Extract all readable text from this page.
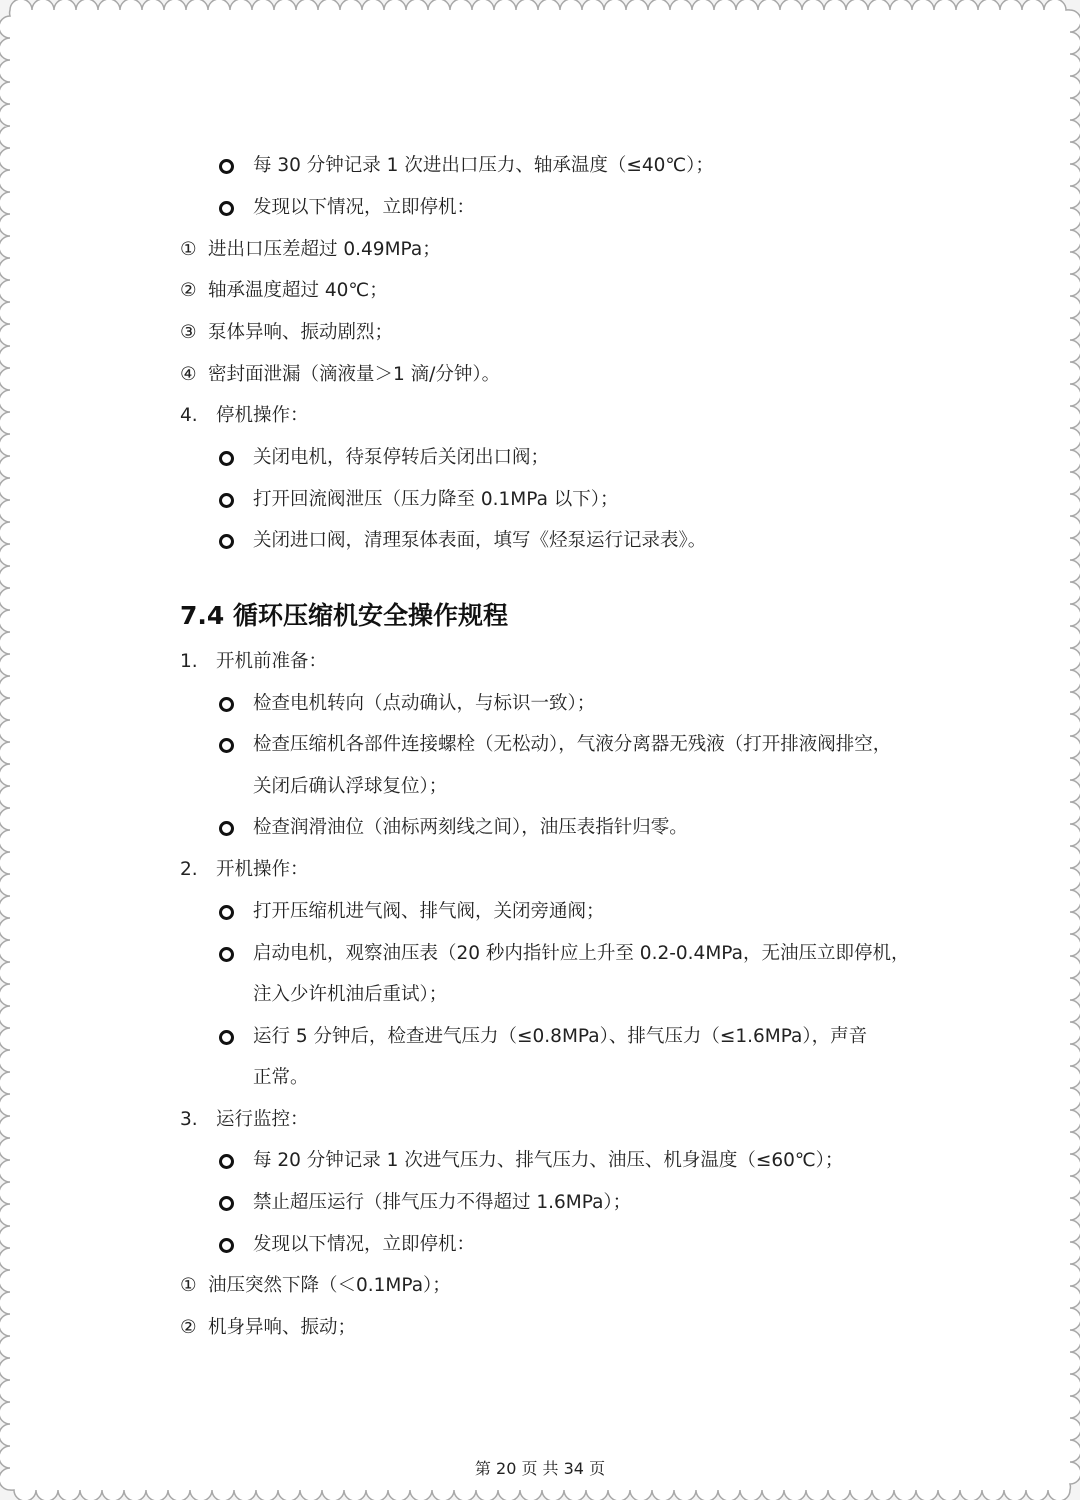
每 30 分钟记录 1 次进出口压力、轴承温度（≤40℃）；
发现以下情况，立即停机：
① 进出口压差超过 0.49MPa；
② 轴承温度超过 40℃；
③ 泵体异响、振动剧烈；
④ 密封面泄漏（滴液量＞1 滴/分钟）。
4. 停机操作：
关闭电机，待泵停转后关闭出口阀；
打开回流阀泄压（压力降至 0.1MPa 以下）；
关闭进口阀，清理泵体表面，填写《烃泵运行记录表》。
7.4 循环压缩机安全操作规程
1. 开机前准备：
检查电机转向（点动确认，与标识一致）；
检查压缩机各部件连接螺栓（无松动），气液分离器无残液（打开排液阀排空，
关闭后确认浮球复位）；
检查润滑油位（油标两刻线之间），油压表指针归零。
2. 开机操作：
打开压缩机进气阀、排气阀，关闭旁通阀；
启动电机，观察油压表（20 秒内指针应上升至 0.2-0.4MPa，无油压立即停机，
注入少许机油后重试）；
运行 5 分钟后，检查进气压力（≤0.8MPa）、排气压力（≤1.6MPa），声音
正常。
3. 运行监控：
每 20 分钟记录 1 次进气压力、排气压力、油压、机身温度（≤60℃）；
禁止超压运行（排气压力不得超过 1.6MPa）；
发现以下情况，立即停机：
① 油压突然下降（＜0.1MPa）；
② 机身异响、振动；
第 20 页 共 34 页
